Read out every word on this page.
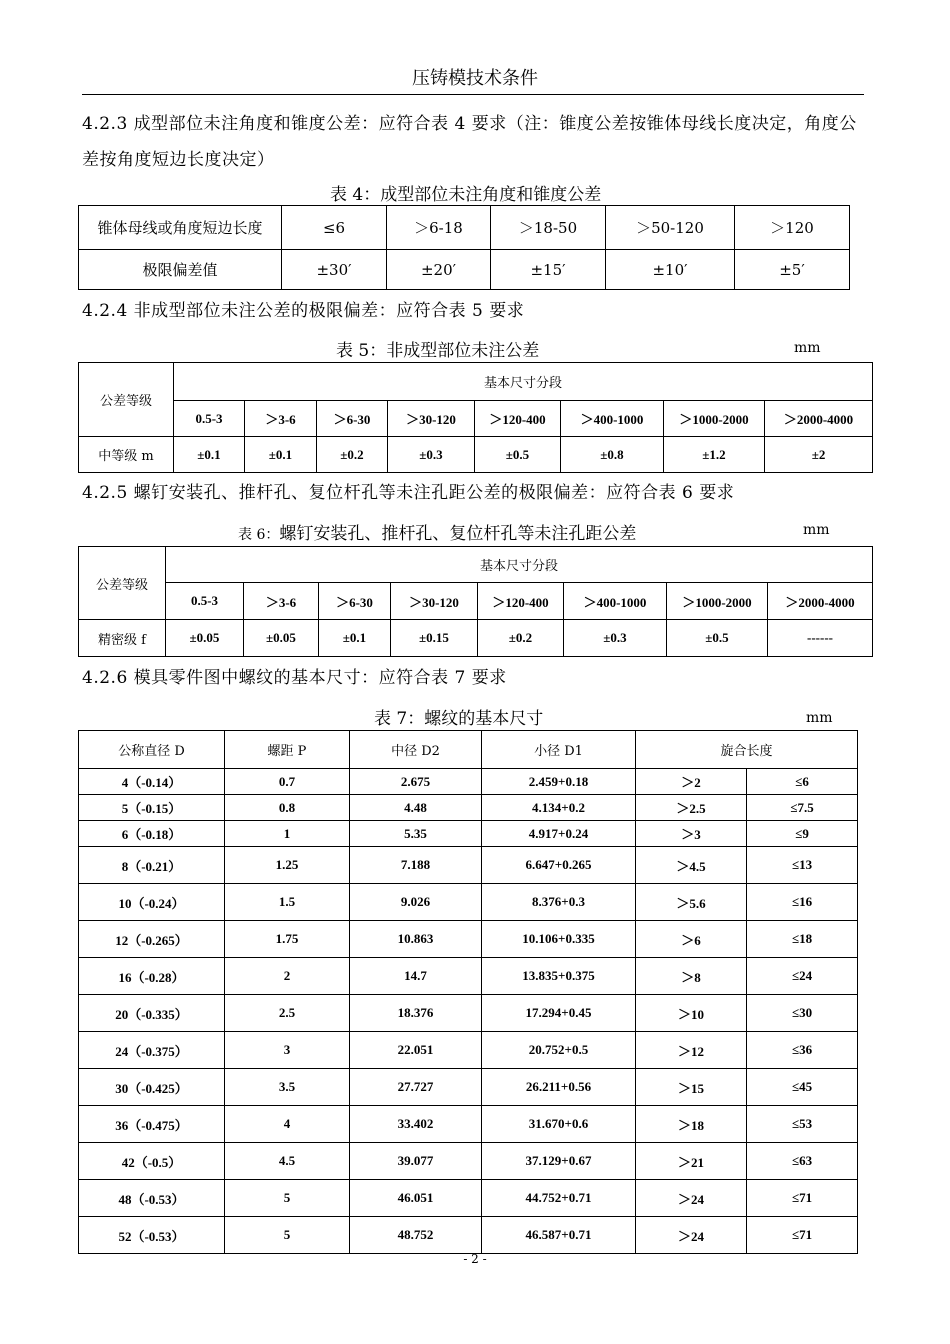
压铸模技术条件
4.2.3 成型部位未注角度和锥度公差：应符合表 4 要求（注：锥度公差按锥体母线长度决定，角度公差按角度短边长度决定）
表 4：成型部位未注角度和锥度公差
锥体母线或角度短边长度	≤6	＞6-18	＞18-50	＞50-120	＞120
极限偏差值	±30′	±20′	±15′	±10′	±5′
4.2.4 非成型部位未注公差的极限偏差：应符合表 5 要求
表 5：非成型部位未注公差	mm
公差等级	基本尺寸分段							
	0.5-3	＞3-6	＞6-30	＞30-120	＞120-400	＞400-1000	＞1000-2000	＞2000-4000
中等级 m	±0.1	±0.1	±0.2	±0.3	±0.5	±0.8	±1.2	±2
4.2.5 螺钉安装孔、推杆孔、复位杆孔等未注孔距公差的极限偏差：应符合表 6 要求
表 6：螺钉安装孔、推杆孔、复位杆孔等未注孔距公差	mm
公差等级	基本尺寸分段							
	0.5-3	＞3-6	＞6-30	＞30-120	＞120-400	＞400-1000	＞1000-2000	＞2000-4000
精密级 f	±0.05	±0.05	±0.1	±0.15	±0.2	±0.3	±0.5	------
4.2.6 模具零件图中螺纹的基本尺寸：应符合表 7 要求
表 7：螺纹的基本尺寸	mm
公称直径 D	螺距 P	中径 D2	小径 D1	旋合长度	
4（-0.14）	0.7	2.675	2.459+0.18	＞2	≤6
5（-0.15）	0.8	4.48	4.134+0.2	＞2.5	≤7.5
6（-0.18）	1	5.35	4.917+0.24	＞3	≤9
8（-0.21）	1.25	7.188	6.647+0.265	＞4.5	≤13
10（-0.24）	1.5	9.026	8.376+0.3	＞5.6	≤16
12（-0.265）	1.75	10.863	10.106+0.335	＞6	≤18
16（-0.28）	2	14.7	13.835+0.375	＞8	≤24
20（-0.335）	2.5	18.376	17.294+0.45	＞10	≤30
24（-0.375）	3	22.051	20.752+0.5	＞12	≤36
30（-0.425）	3.5	27.727	26.211+0.56	＞15	≤45
36（-0.475）	4	33.402	31.670+0.6	＞18	≤53
42（-0.5）	4.5	39.077	37.129+0.67	＞21	≤63
48（-0.53）	5	46.051	44.752+0.71	＞24	≤71
52（-0.53）	5	48.752	46.587+0.71	＞24	≤71
- 2 -
